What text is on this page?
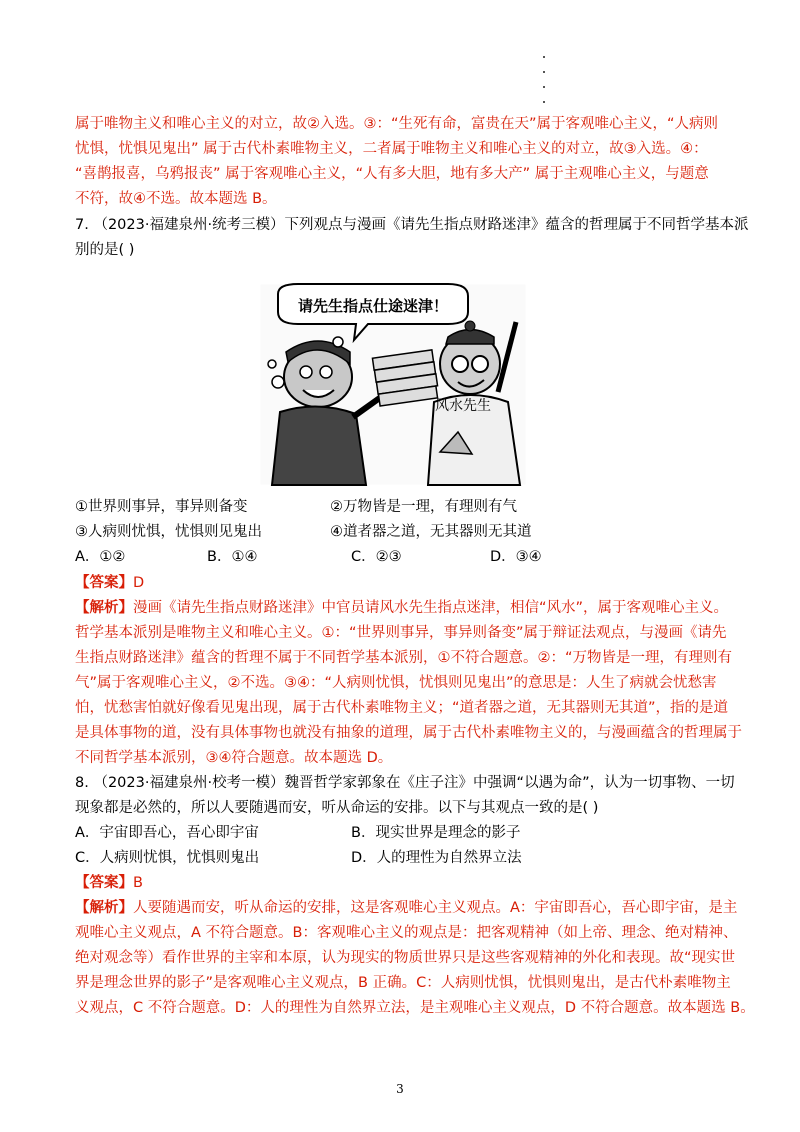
属于唯物主义和唯心主义的对立，故②入选。③：“生死有命，富贵在天”属于客观唯心主义，“人病则
忧惧，忧惧见鬼出” 属于古代朴素唯物主义，二者属于唯物主义和唯心主义的对立，故③入选。④：
“喜鹊报喜，乌鸦报丧” 属于客观唯心主义，“人有多大胆，地有多大产” 属于主观唯心主义，与题意
不符，故④不选。故本题选 B。
7. （2023·福建泉州·统考三模）下列观点与漫画《请先生指点财路迷津》蕴含的哲理属于不同哲学基本派
别的是( )
请先生指点仕途迷津！
风水先生
①世界则事异，事异则备变	②万物皆是一理，有理则有气
③人病则忧惧，忧惧则见鬼出	④道者器之道，无其器则无其道
A．①②	B．①④	C．②③	D．③④
【答案】D
【解析】漫画《请先生指点财路迷津》中官员请风水先生指点迷津，相信“风水”，属于客观唯心主义。
哲学基本派别是唯物主义和唯心主义。①：“世界则事异，事异则备变”属于辩证法观点，与漫画《请先
生指点财路迷津》蕴含的哲理不属于不同哲学基本派别，①不符合题意。②：“万物皆是一理，有理则有
气”属于客观唯心主义，②不选。③④：“人病则忧惧，忧惧则见鬼出”的意思是：人生了病就会忧愁害
怕，忧愁害怕就好像看见鬼出现，属于古代朴素唯物主义；“道者器之道，无其器则无其道”，指的是道
是具体事物的道，没有具体事物也就没有抽象的道理，属于古代朴素唯物主义的，与漫画蕴含的哲理属于
不同哲学基本派别，③④符合题意。故本题选 D。
8. （2023·福建泉州·校考一模）魏晋哲学家郭象在《庄子注》中强调“以遇为命”，认为一切事物、一切
现象都是必然的，所以人要随遇而安，听从命运的安排。以下与其观点一致的是( )
A．宇宙即吾心，吾心即宇宙	B．现实世界是理念的影子
C．人病则忧惧，忧惧则鬼出	D．人的理性为自然界立法
【答案】B
【解析】人要随遇而安，听从命运的安排，这是客观唯心主义观点。A：宇宙即吾心，吾心即宇宙，是主
观唯心主义观点，A 不符合题意。B：客观唯心主义的观点是：把客观精神（如上帝、理念、绝对精神、
绝对观念等）看作世界的主宰和本原，认为现实的物质世界只是这些客观精神的外化和表现。故“现实世
界是理念世界的影子”是客观唯心主义观点，B 正确。C：人病则忧惧，忧惧则鬼出，是古代朴素唯物主
义观点，C 不符合题意。D：人的理性为自然界立法，是主观唯心主义观点，D 不符合题意。故本题选 B。
3
